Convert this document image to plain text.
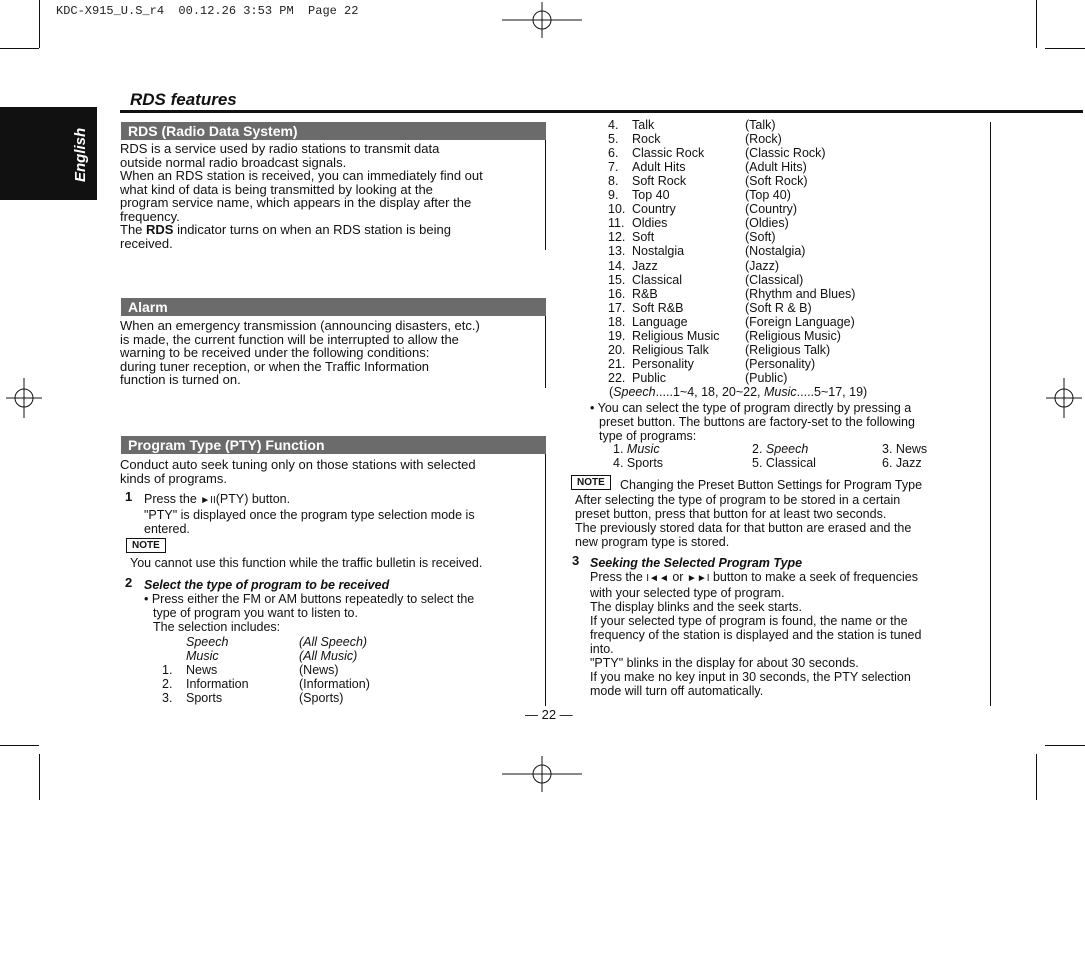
KDC-X915_U.S_r4  00.12.26 3:53 PM  Page 22
English
RDS features
RDS (Radio Data System)
RDS is a service used by radio stations to transmit data
outside normal radio broadcast signals.
When an RDS station is received, you can immediately find out
what kind of data is being transmitted by looking at the
program service name, which appears in the display after the
frequency.
The RDS indicator turns on when an RDS station is being
received.
Alarm
When an emergency transmission (announcing disasters, etc.)
is made, the current function will be interrupted to allow the
warning to be received under the following conditions:
during tuner reception, or when the Traffic Information
function is turned on.
Program Type (PTY) Function
Conduct auto seek tuning only on those stations with selected
kinds of programs.
1 Press the ►II(PTY) button.
"PTY" is displayed once the program type selection mode is
entered.
NOTE
You cannot use this function while the traffic bulletin is received.
2 Select the type of program to be received
• Press either the FM or AM buttons repeatedly to select the
type of program you want to listen to.
The selection includes:
Speech	(All Speech)
Music	(All Music)
1. News	(News)
2. Information	(Information)
3. Sports	(Sports)
4. Talk	(Talk)
5. Rock	(Rock)
6. Classic Rock	(Classic Rock)
7. Adult Hits	(Adult Hits)
8. Soft Rock	(Soft Rock)
9. Top 40	(Top 40)
10. Country	(Country)
11. Oldies	(Oldies)
12. Soft	(Soft)
13. Nostalgia	(Nostalgia)
14. Jazz	(Jazz)
15. Classical	(Classical)
16. R&B	(Rhythm and Blues)
17. Soft R&B	(Soft R & B)
18. Language	(Foreign Language)
19. Religious Music (Religious Music)
20. Religious Talk	(Religious Talk)
21. Personality	(Personality)
22. Public	(Public)
(Speech.....1~4, 18, 20~22, Music.....5~17, 19)
• You can select the type of program directly by pressing a
preset button. The buttons are factory-set to the following
type of programs:
1. Music	2. Speech	3. News
4. Sports	5. Classical	6. Jazz
NOTE	Changing the Preset Button Settings for Program Type
After selecting the type of program to be stored in a certain
preset button, press that button for at least two seconds.
The previously stored data for that button are erased and the
new program type is stored.
3 Seeking the Selected Program Type
Press the I◄◄ or ►►I button to make a seek of frequencies
with your selected type of program.
The display blinks and the seek starts.
If your selected type of program is found, the name or the
frequency of the station is displayed and the station is tuned
into.
"PTY" blinks in the display for about 30 seconds.
If you make no key input in 30 seconds, the PTY selection
mode will turn off automatically.
— 22 —
